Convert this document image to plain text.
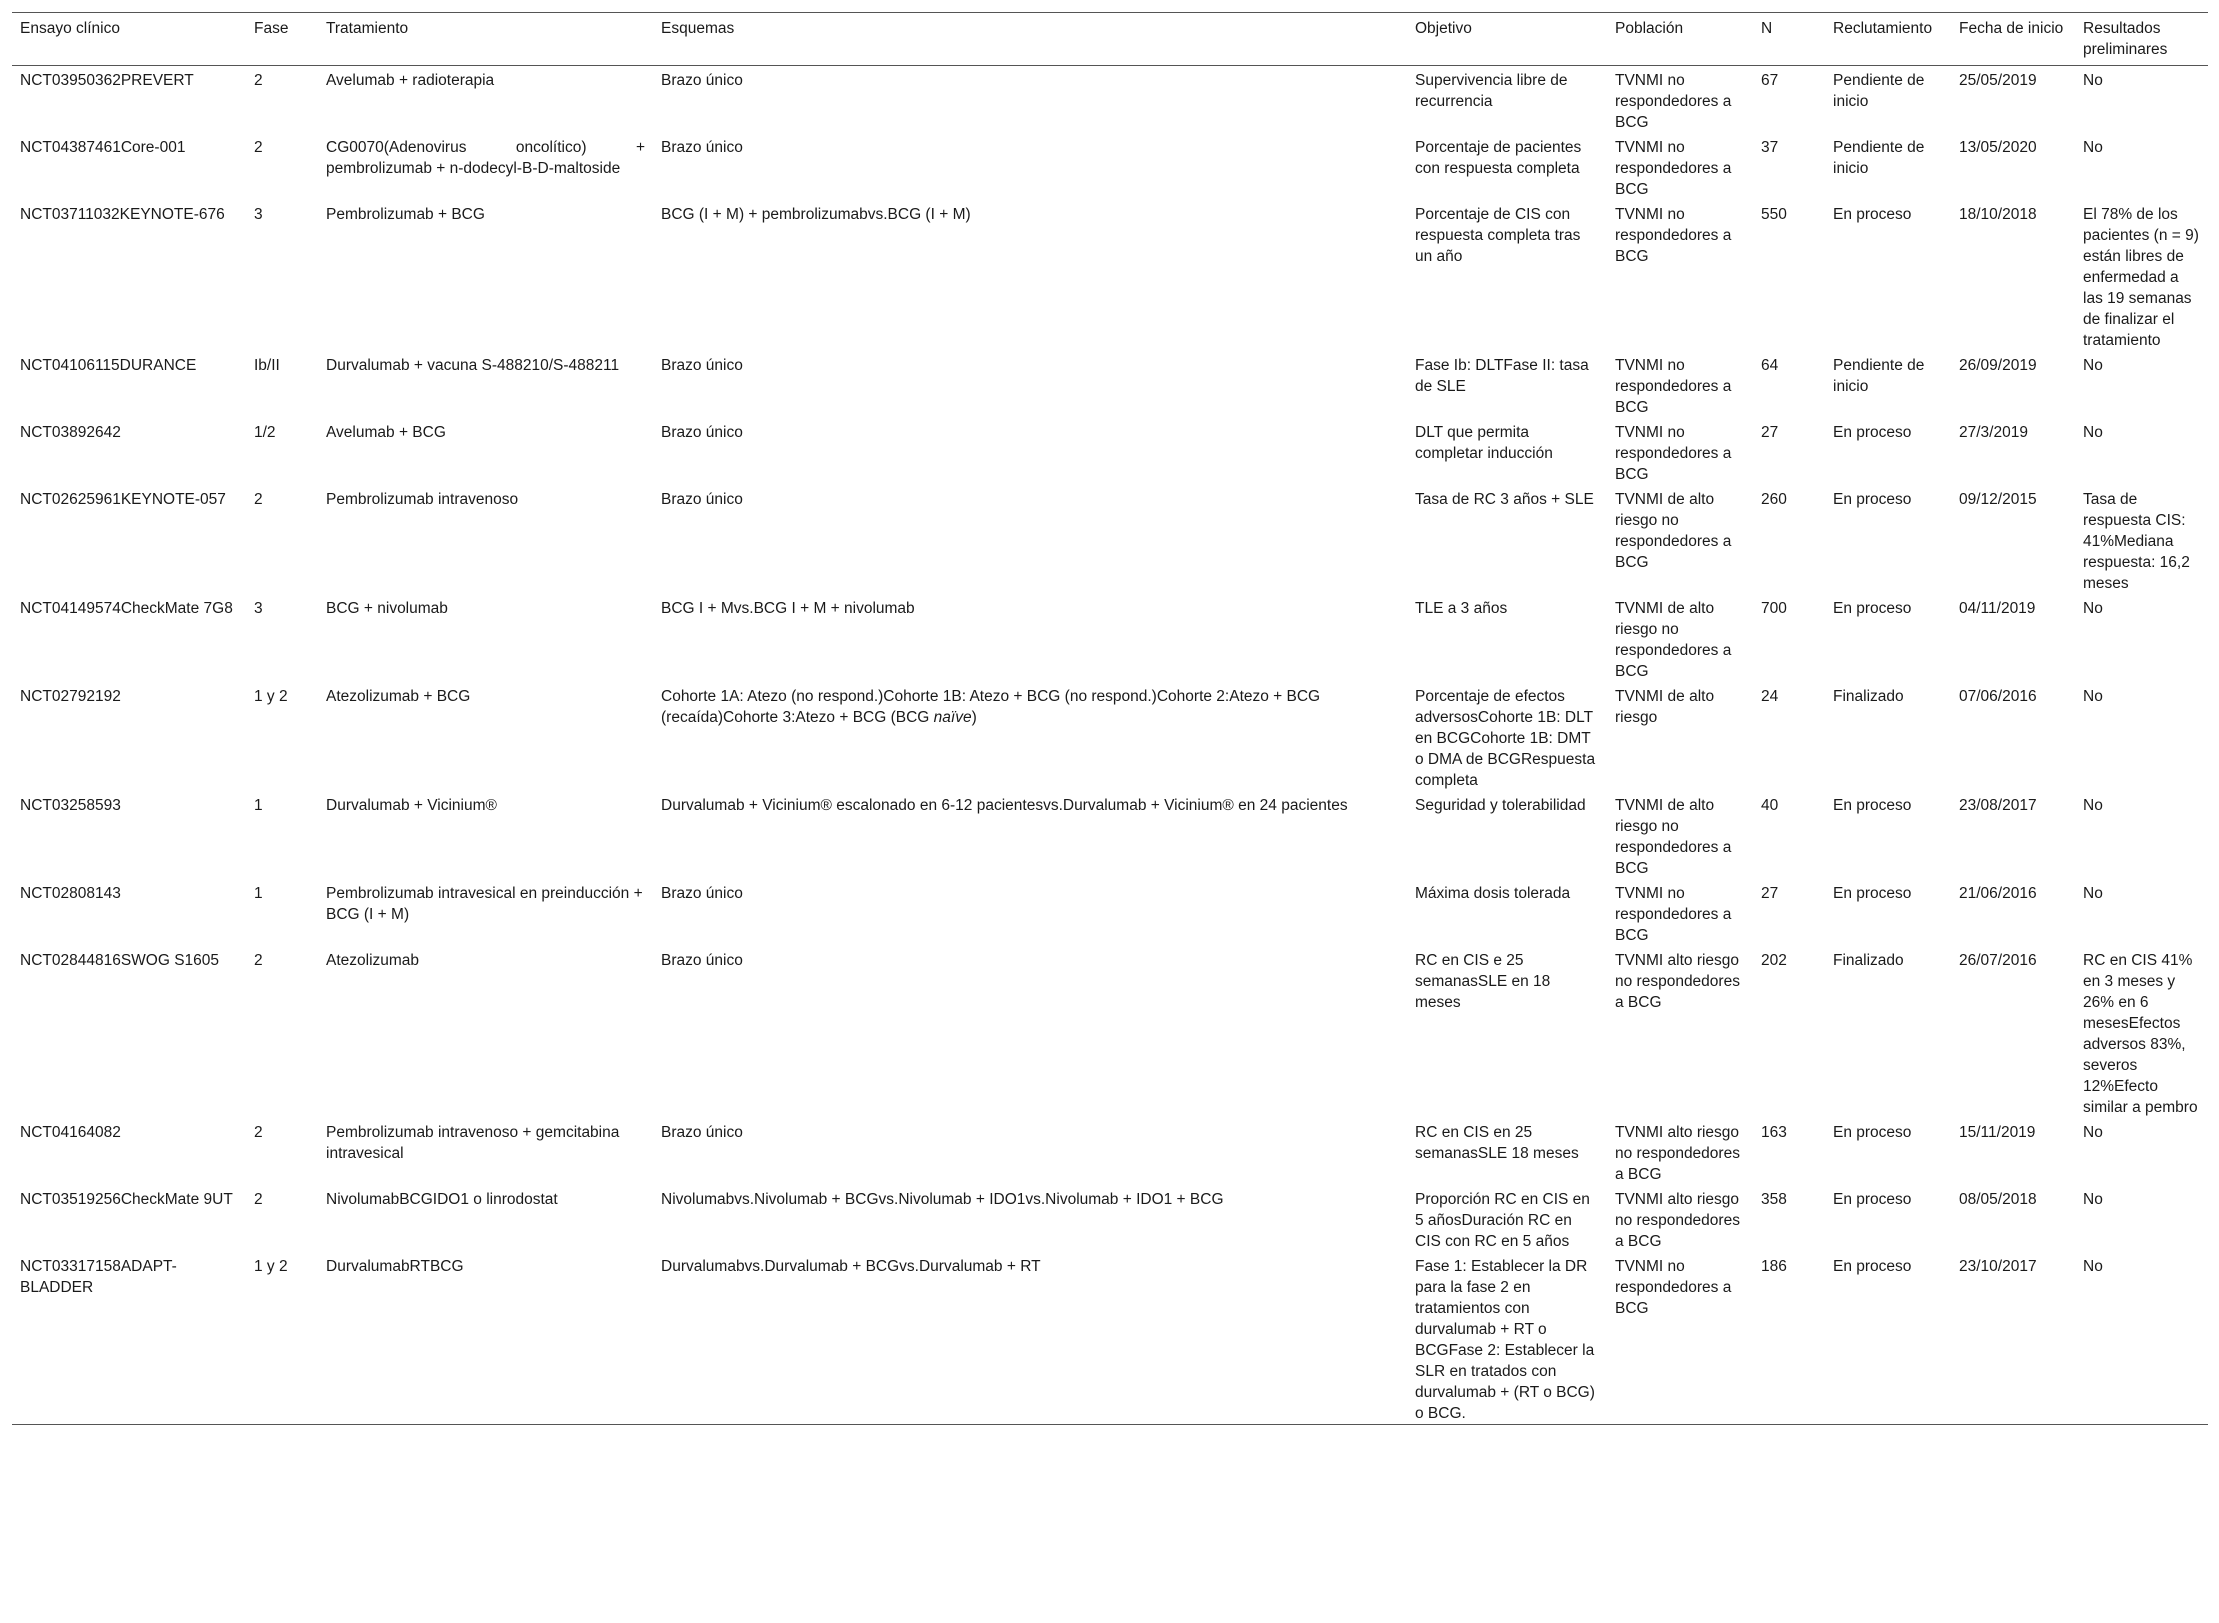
Ensayo clínico	Fase	Tratamiento	Esquemas	Objetivo	Población	N	Reclutamiento	Fecha de inicio	Resultados preliminares
NCT03950362PREVERT	2	Avelumab + radioterapia	Brazo único	Supervivencia libre de recurrencia	TVNMI no respondedores a BCG	67	Pendiente de inicio	25/05/2019	No
NCT04387461Core-001	2	CG0070(Adenovirus oncolítico) + pembrolizumab + n-dodecyl-B-D-maltoside	Brazo único	Porcentaje de pacientes con respuesta completa	TVNMI no respondedores a BCG	37	Pendiente de inicio	13/05/2020	No
NCT03711032KEYNOTE-676	3	Pembrolizumab + BCG	BCG (I + M) + pembrolizumabvs.BCG (I + M)	Porcentaje de CIS con respuesta completa tras un año	TVNMI no respondedores a BCG	550	En proceso	18/10/2018	El 78% de los pacientes (n = 9) están libres de enfermedad a las 19 semanas de finalizar el tratamiento
NCT04106115DURANCE	Ib/II	Durvalumab + vacuna S-488210/S-488211	Brazo único	Fase Ib: DLTFase II: tasa de SLE	TVNMI no respondedores a BCG	64	Pendiente de inicio	26/09/2019	No
NCT03892642	1/2	Avelumab + BCG	Brazo único	DLT que permita completar inducción	TVNMI no respondedores a BCG	27	En proceso	27/3/2019	No
NCT02625961KEYNOTE-057	2	Pembrolizumab intravenoso	Brazo único	Tasa de RC 3 años + SLE	TVNMI de alto riesgo no respondedores a BCG	260	En proceso	09/12/2015	Tasa de respuesta CIS: 41%Mediana respuesta: 16,2 meses
NCT04149574CheckMate 7G8	3	BCG + nivolumab	BCG I + Mvs.BCG I + M + nivolumab	TLE a 3 años	TVNMI de alto riesgo no respondedores a BCG	700	En proceso	04/11/2019	No
NCT02792192	1 y 2	Atezolizumab + BCG	Cohorte 1A: Atezo (no respond.)Cohorte 1B: Atezo + BCG (no respond.)Cohorte 2:Atezo + BCG (recaída)Cohorte 3:Atezo + BCG (BCG naïve)	Porcentaje de efectos adversosCohorte 1B: DLT en BCGCohorte 1B: DMT o DMA de BCGRespuesta completa	TVNMI de alto riesgo	24	Finalizado	07/06/2016	No
NCT03258593	1	Durvalumab + Vicinium®	Durvalumab + Vicinium® escalonado en 6-12 pacientesvs.Durvalumab + Vicinium® en 24 pacientes	Seguridad y tolerabilidad	TVNMI de alto riesgo no respondedores a BCG	40	En proceso	23/08/2017	No
NCT02808143	1	Pembrolizumab intravesical en preinducción + BCG (I + M)	Brazo único	Máxima dosis tolerada	TVNMI no respondedores a BCG	27	En proceso	21/06/2016	No
NCT02844816SWOG S1605	2	Atezolizumab	Brazo único	RC en CIS e 25 semanasSLE en 18 meses	TVNMI alto riesgo no respondedores a BCG	202	Finalizado	26/07/2016	RC en CIS 41% en 3 meses y 26% en 6 mesesEfectos adversos 83%, severos 12%Efecto similar a pembro
NCT04164082	2	Pembrolizumab intravenoso + gemcitabina intravesical	Brazo único	RC en CIS en 25 semanasSLE 18 meses	TVNMI alto riesgo no respondedores a BCG	163	En proceso	15/11/2019	No
NCT03519256CheckMate 9UT	2	NivolumabBCGIDO1 o linrodostat	Nivolumabvs.Nivolumab + BCGvs.Nivolumab + IDO1vs.Nivolumab + IDO1 + BCG	Proporción RC en CIS en 5 añosDuración RC en CIS con RC en 5 años	TVNMI alto riesgo no respondedores a BCG	358	En proceso	08/05/2018	No
NCT03317158ADAPT-BLADDER	1 y 2	DurvalumabRTBCG	Durvalumabvs.Durvalumab + BCGvs.Durvalumab + RT	Fase 1: Establecer la DR para la fase 2 en tratamientos con durvalumab + RT o BCGFase 2: Establecer la SLR en tratados con durvalumab + (RT o BCG) o BCG.	TVNMI no respondedores a BCG	186	En proceso	23/10/2017	No
